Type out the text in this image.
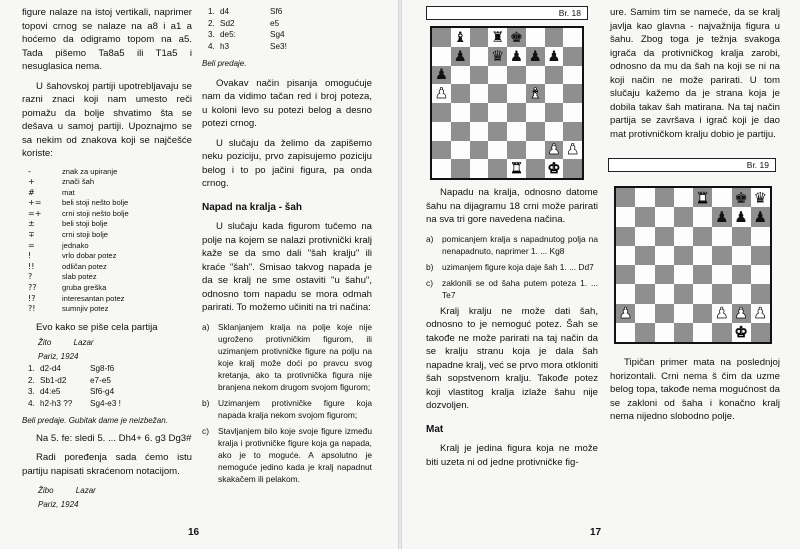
figure nalaze na istoj vertikali, naprimer topovi crnog se nalaze na a8 i a1 a hoćemo da odigramo topom na a5. Tada pišemo Ta8a5 ili T1a5 i nesuglasica nema.

U šahovskoj partiji upotrebljavaju se razni znaci koji nam umesto reči pomažu da bolje shvatimo šta se dešava u samoj partiji. Upoznajmo se sa nekim od znakova koji se najčešće koriste:

-	znak za upiranje
+	znači šah
#	mat
+=	beli stoji nešto bolje
=+	crni stoji nešto bolje
±	beli stoji bolje
∓	crni stoji bolje
=	jednako
!	vrlo dobar potez
!!	odličan potez
?	slab potez
??	gruba greška
!?	interesantan potez
?!	sumnjiv potez

Evo kako se piše cela partija

Žito          Lazar
Pariz, 1924
1. d2-d4	Sg8-f6
2. Sb1-d2	e7-e5
3. d4:e5	Sf6-g4
4. h2-h3 ??	Sg4-e3 !
Beli predaje. Gubitak dame je neizbežan.

Na 5. fe: sledi 5. ... Dh4+ 6. g3 Dg3#

Radi poređenja sada ćemo istu partiju napisati skraćenom notacijom.

Žibo          Lazar
Pariz, 1924
1. d4	Sf6
2. Sd2	e5
3. de5:	Sg4
4. h3	Se3!
Beli predaje.

Ovakav način pisanja omogućuje nam da vidimo tačan red i broj poteza, u koloni levo su potezi belog a desno potezi crnog.

U slučaju da želimo da zapišemo neku poziciju, prvo zapisujemo poziciju belog i to po jačini figura, pa onda crnog.

Napad na kralja - šah

U slučaju kada figurom tučemo na polje na kojem se nalazi protivnički kralj kaže se da smo dali "šah kralju" ili kraće "šah". Smisao takvog napada je da se kralj ne sme ostaviti "u šahu", odnosno tom napadu se mora odmah parirati. To možemo učiniti na tri načina:

a)	Sklanjanjem kralja na polje koje nije ugroženo protivničkim figurom, ili uzimanjem protivničke figure na polju na koje kralj može doći po pravcu svog kretanja, ako ta protivnička figura nije branjena nekom drugom svojom figurom;
b)	Uzimanjem protivničke figure koja napada kralja nekom svojom figurom;
c)	Stavljanjem bilo koje svoje figure između kralja i protivničke figure koja ga napada, ako je to moguće. A apsolutno je nemoguće jedino kada je kralj napadnut skakačem ili pelakom.
16
Br. 18
♝ ♜ ♚
♟ ♛ ♟ ♟ ♟
♟
♟	♝
♟ ♟
♜ ♚

Napadu na kralja, odnosno datome šahu na dijagramu 18 crni može parirati na sva tri gore navedena načina.

a)	pomicanjem kralja s napadnutog polja na nenapadnuto, naprimer 1. ... Kg8
b)	uzimanjem figure koja daje šah 1. ... Dd7
c)	zaklonili se od šaha putem poteza 1. ... Te7

Kralj kralju ne može dati šah, odnosno to je nemoguć potez. Šah se takođe ne može parirati na taj način da se kralju stranu koja je dala šah napadne kralj, već se prvo mora otkloniti šah sopstvenom kralju. Takođe potez koji vlastitog kralja izlaže šahu nije dozvoljen.

Mat

Kralj je jedina figura koja ne može biti uzeta ni od jedne protivničke fig-

ure. Samim tim se nameće, da se kralj javlja kao glavna - najvažnija figura u šahu. Zbog toga je težnja svakoga igrača da protivničkog kralja zarobi, odnosno da mu da šah na koji se ni na koji način ne može parirati. U tom slučaju kažemo da je strana koja je dobila takav šah matirana. Na taj način partija se završava i igrač koji je dao mat protivničkom kralju dobio je partiju.

Br. 19
♜ ♚ ♛
♟ ♟ ♟
♟	♟ ♟ ♟
♚

Tipičan primer mata na poslednjoj horizontali. Crni nema š čim da uzme belog topa, takođe nema mogućnost da se zakloni od šaha i konačno kralj nema nijedno slobodno polje.

17
